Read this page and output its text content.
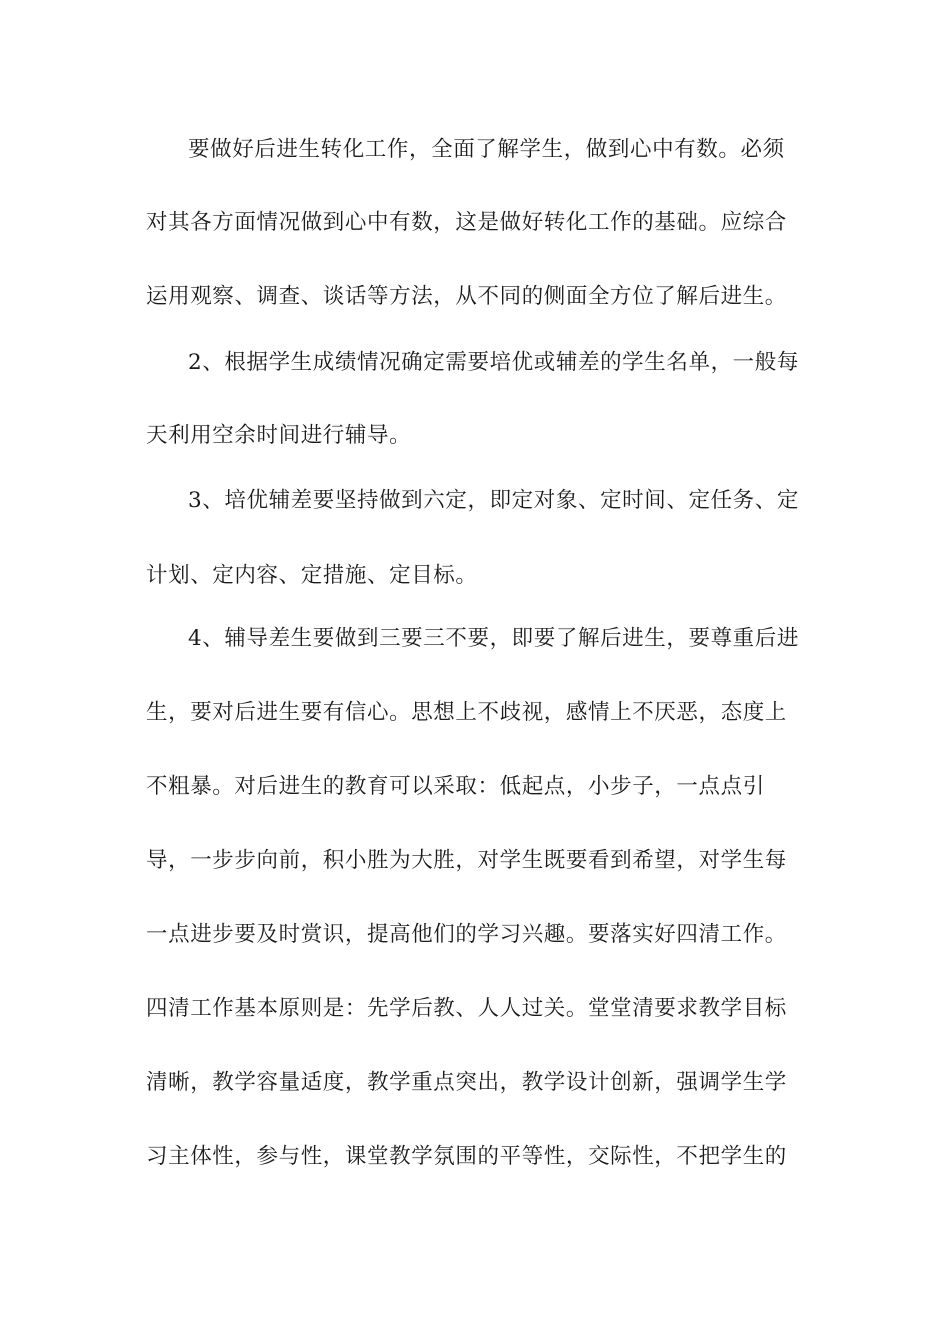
要做好后进生转化工作，全面了解学生，做到心中有数。必须
对其各方面情况做到心中有数，这是做好转化工作的基础。应综合
运用观察、调查、谈话等方法，从不同的侧面全方位了解后进生。
2、根据学生成绩情况确定需要培优或辅差的学生名单，一般每
天利用空余时间进行辅导。
3、培优辅差要坚持做到六定，即定对象、定时间、定任务、定
计划、定内容、定措施、定目标。
4、辅导差生要做到三要三不要，即要了解后进生，要尊重后进
生，要对后进生要有信心。思想上不歧视，感情上不厌恶，态度上
不粗暴。对后进生的教育可以采取：低起点，小步子，一点点引
导，一步步向前，积小胜为大胜，对学生既要看到希望，对学生每
一点进步要及时赏识，提高他们的学习兴趣。要落实好四清工作。
四清工作基本原则是：先学后教、人人过关。堂堂清要求教学目标
清晰，教学容量适度，教学重点突出，教学设计创新，强调学生学
习主体性，参与性，课堂教学氛围的平等性，交际性，不把学生的
